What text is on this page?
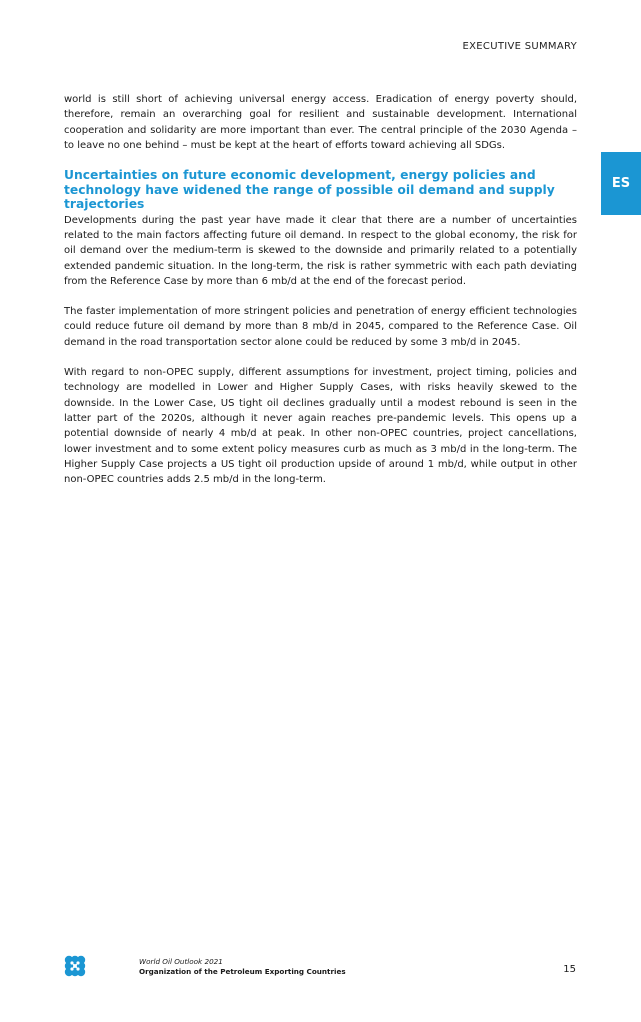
EXECUTIVE SUMMARY
ES

world is still short of achieving universal energy access. Eradication of energy poverty should, therefore, remain an overarching goal for resilient and sustainable development. International cooperation and solidarity are more important than ever. The central principle of the 2030 Agenda – to leave no one behind – must be kept at the heart of efforts toward achieving all SDGs.

Uncertainties on future economic development, energy policies and technology have widened the range of possible oil demand and supply trajectories

Developments during the past year have made it clear that there are a number of uncertainties related to the main factors affecting future oil demand. In respect to the global economy, the risk for oil demand over the medium-term is skewed to the downside and primarily related to a potentially extended pandemic situation. In the long-term, the risk is rather symmetric with each path deviating from the Reference Case by more than 6 mb/d at the end of the forecast period.

The faster implementation of more stringent policies and penetration of energy efficient technologies could reduce future oil demand by more than 8 mb/d in 2045, compared to the Reference Case. Oil demand in the road transportation sector alone could be reduced by some 3 mb/d in 2045.

With regard to non-OPEC supply, different assumptions for investment, project timing, policies and technology are modelled in Lower and Higher Supply Cases, with risks heavily skewed to the downside. In the Lower Case, US tight oil declines gradually until a modest rebound is seen in the latter part of the 2020s, although it never again reaches pre-pandemic levels. This opens up a potential downside of nearly 4 mb/d at peak. In other non-OPEC countries, project cancellations, lower investment and to some extent policy measures curb as much as 3 mb/d in the long-term. The Higher Supply Case projects a US tight oil production upside of around 1 mb/d, while output in other non-OPEC countries adds 2.5 mb/d in the long-term.

World Oil Outlook 2021
Organization of the Petroleum Exporting Countries	15
